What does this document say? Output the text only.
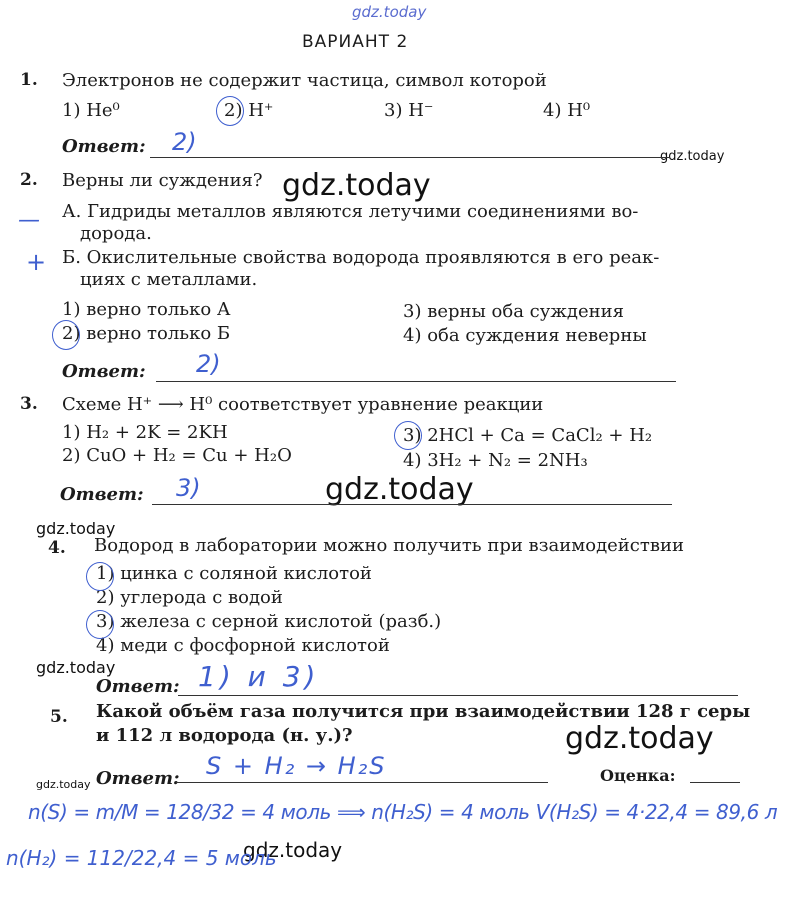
gdz.today
gdz.today
gdz.today
gdz.today
gdz.today
gdz.today
gdz.today
gdz.today
gdz.today
ВАРИАНТ 2
1. Электронов не содержит частица, символ которой
1) He⁰	2) H⁺	3) H⁻	4) H⁰
Ответ: 2)
2. Верны ли суждения?
— А. Гидриды металлов являются летучими соединениями во-
дорода.
+ Б. Окислительные свойства водорода проявляются в его реак-
циях с металлами.
1) верно только А
2) верно только Б
3) верны оба суждения
4) оба суждения неверны
Ответ: 2)
3. Схеме H⁺ ⟶ H⁰ соответствует уравнение реакции
1) H₂ + 2K = 2KH
2) CuO + H₂ = Cu + H₂O
3) 2HCl + Ca = CaCl₂ + H₂
4) 3H₂ + N₂ = 2NH₃
Ответ: 3)
4. Водород в лаборатории можно получить при взаимодействии
1) цинка с соляной кислотой
2) углерода с водой
3) железа с серной кислотой (разб.)
4) меди с фосфорной кислотой
Ответ: 1) и 3)
5. Какой объём газа получится при взаимодействии 128 г серы
и 112 л водорода (н. у.)?
Ответ: S + H₂ → H₂S	Оценка:
n(S) = m/M = 128/32 = 4 моль ⟹ n(H₂S) = 4 моль V(H₂S) = 4·22,4 = 89,6 л
n(H₂) = 112/22,4 = 5 моль
